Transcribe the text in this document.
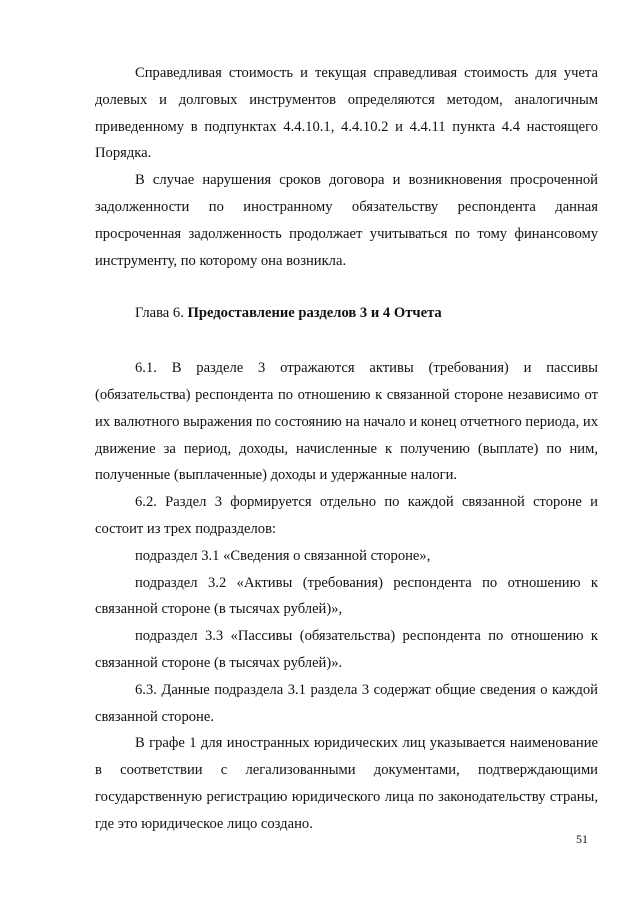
Справедливая стоимость и текущая справедливая стоимость для учета долевых и долговых инструментов определяются методом, аналогичным приведенному в подпунктах 4.4.10.1, 4.4.10.2 и 4.4.11 пункта 4.4 настоящего Порядка.

В случае нарушения сроков договора и возникновения просроченной задолженности по иностранному обязательству респондента данная просроченная задолженность продолжает учитываться по тому финансовому инструменту, по которому она возникла.

Глава 6. Предоставление разделов 3 и 4 Отчета

6.1. В разделе 3 отражаются активы (требования) и пассивы (обязательства) респондента по отношению к связанной стороне независимо от их валютного выражения по состоянию на начало и конец отчетного периода, их движение за период, доходы, начисленные к получению (выплате) по ним, полученные (выплаченные) доходы и удержанные налоги.

6.2. Раздел 3 формируется отдельно по каждой связанной стороне и состоит из трех подразделов:

подраздел 3.1 «Сведения о связанной стороне»,

подраздел 3.2 «Активы (требования) респондента по отношению к связанной стороне (в тысячах рублей)»,

подраздел 3.3 «Пассивы (обязательства) респондента по отношению к связанной стороне (в тысячах рублей)».

6.3. Данные подраздела 3.1 раздела 3 содержат общие сведения о каждой связанной стороне.

В графе 1 для иностранных юридических лиц указывается наименование в соответствии с легализованными документами, подтверждающими государственную регистрацию юридического лица по законодательству страны, где это юридическое лицо создано.

51
